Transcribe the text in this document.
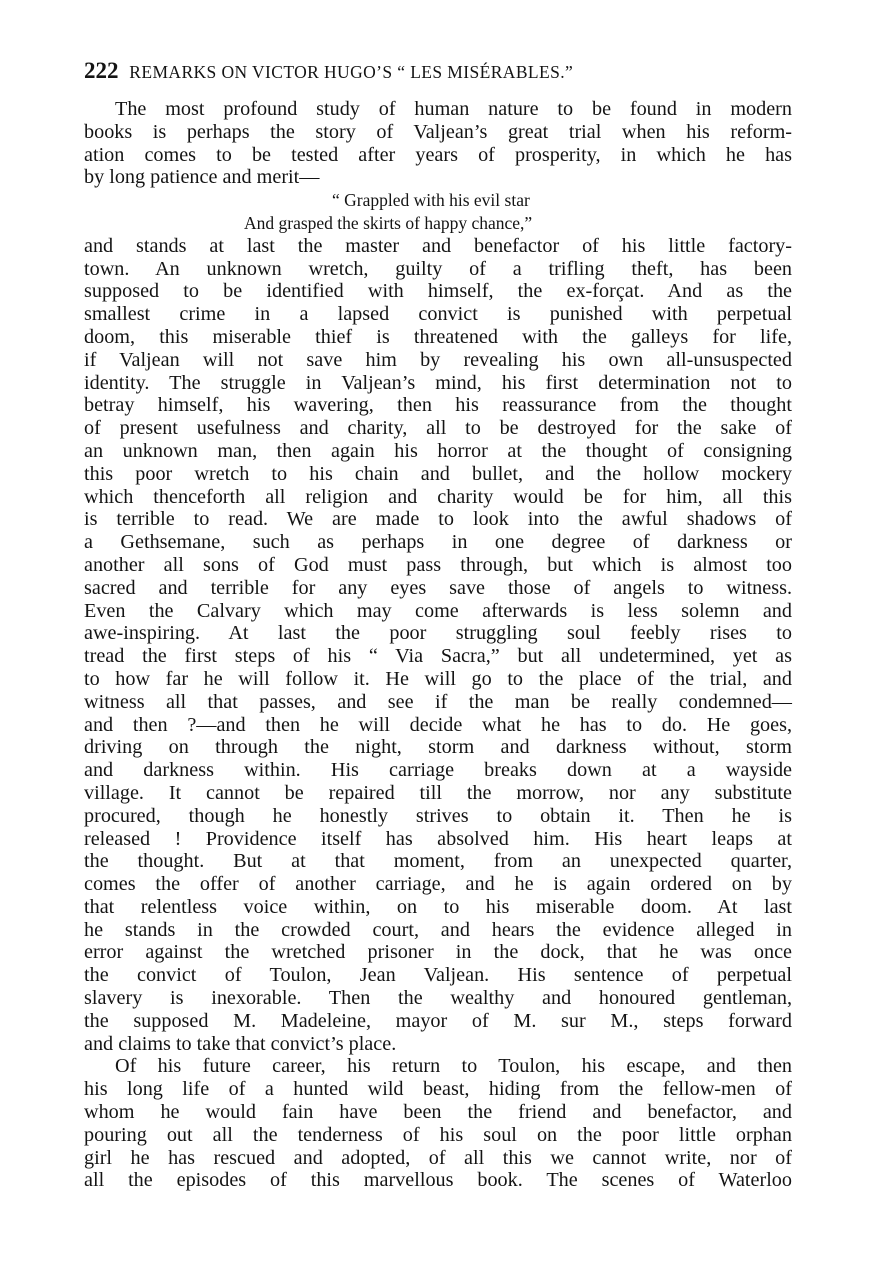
222 REMARKS ON VICTOR HUGO’S “ LES MISÉRABLES.”
The most profound study of human nature to be found in modern
books is perhaps the story of Valjean’s great trial when his reform-
ation comes to be tested after years of prosperity, in which he has
by long patience and merit—
“ Grappled with his evil star
And grasped the skirts of happy chance,”
and stands at last the master and benefactor of his little factory-
town. An unknown wretch, guilty of a trifling theft, has been
supposed to be identified with himself, the ex-forçat. And as the
smallest crime in a lapsed convict is punished with perpetual
doom, this miserable thief is threatened with the galleys for life,
if Valjean will not save him by revealing his own all-unsuspected
identity. The struggle in Valjean’s mind, his first determination not to
betray himself, his wavering, then his reassurance from the thought
of present usefulness and charity, all to be destroyed for the sake of
an unknown man, then again his horror at the thought of consigning
this poor wretch to his chain and bullet, and the hollow mockery
which thenceforth all religion and charity would be for him, all this
is terrible to read. We are made to look into the awful shadows of
a Gethsemane, such as perhaps in one degree of darkness or
another all sons of God must pass through, but which is almost too
sacred and terrible for any eyes save those of angels to witness.
Even the Calvary which may come afterwards is less solemn and
awe-inspiring. At last the poor struggling soul feebly rises to
tread the first steps of his “ Via Sacra,” but all undetermined, yet as
to how far he will follow it. He will go to the place of the trial, and
witness all that passes, and see if the man be really condemned—
and then ?—and then he will decide what he has to do. He goes,
driving on through the night, storm and darkness without, storm
and darkness within. His carriage breaks down at a wayside
village. It cannot be repaired till the morrow, nor any substitute
procured, though he honestly strives to obtain it. Then he is
released ! Providence itself has absolved him. His heart leaps at
the thought. But at that moment, from an unexpected quarter,
comes the offer of another carriage, and he is again ordered on by
that relentless voice within, on to his miserable doom. At last
he stands in the crowded court, and hears the evidence alleged in
error against the wretched prisoner in the dock, that he was once
the convict of Toulon, Jean Valjean. His sentence of perpetual
slavery is inexorable. Then the wealthy and honoured gentleman,
the supposed M. Madeleine, mayor of M. sur M., steps forward
and claims to take that convict’s place.
Of his future career, his return to Toulon, his escape, and then
his long life of a hunted wild beast, hiding from the fellow-men of
whom he would fain have been the friend and benefactor, and
pouring out all the tenderness of his soul on the poor little orphan
girl he has rescued and adopted, of all this we cannot write, nor of
all the episodes of this marvellous book. The scenes of Waterloo
